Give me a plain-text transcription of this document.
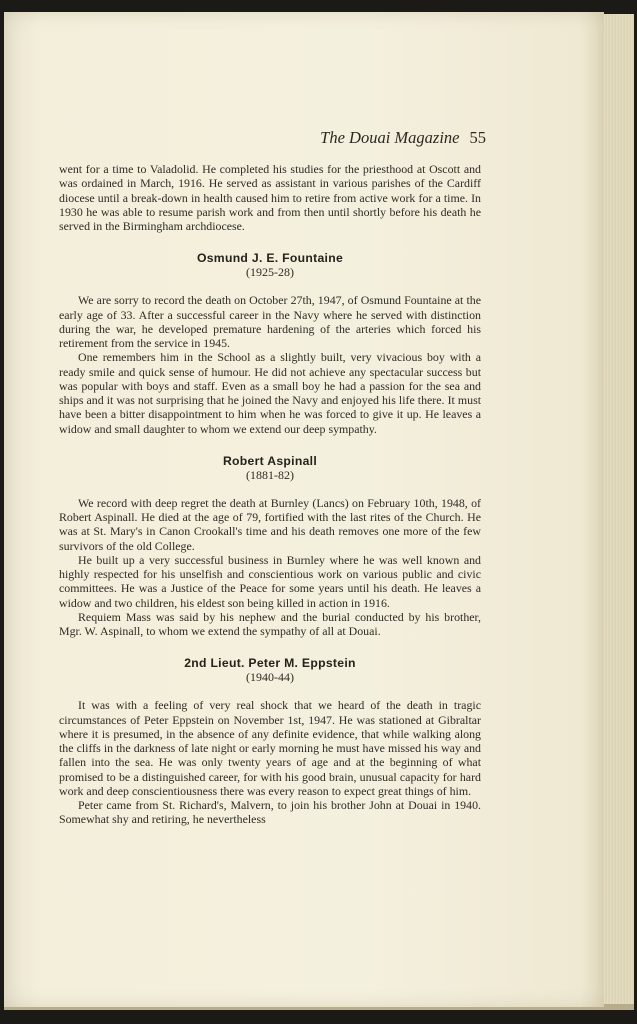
The Douai Magazine 55

went for a time to Valadolid. He completed his studies for the priesthood at Oscott and was ordained in March, 1916. He served as assistant in various parishes of the Cardiff diocese until a break-down in health caused him to retire from active work for a time. In 1930 he was able to resume parish work and from then until shortly before his death he served in the Birmingham archdiocese.

Osmund J. E. Fountaine
(1925-28)

We are sorry to record the death on October 27th, 1947, of Osmund Fountaine at the early age of 33. After a successful career in the Navy where he served with distinction during the war, he developed premature hardening of the arteries which forced his retirement from the service in 1945.

One remembers him in the School as a slightly built, very vivacious boy with a ready smile and quick sense of humour. He did not achieve any spectacular success but was popular with boys and staff. Even as a small boy he had a passion for the sea and ships and it was not surprising that he joined the Navy and enjoyed his life there. It must have been a bitter disappointment to him when he was forced to give it up. He leaves a widow and small daughter to whom we extend our deep sympathy.

Robert Aspinall
(1881-82)

We record with deep regret the death at Burnley (Lancs) on February 10th, 1948, of Robert Aspinall. He died at the age of 79, fortified with the last rites of the Church. He was at St. Mary's in Canon Crookall's time and his death removes one more of the few survivors of the old College.

He built up a very successful business in Burnley where he was well known and highly respected for his unselfish and conscientious work on various public and civic committees. He was a Justice of the Peace for some years until his death. He leaves a widow and two children, his eldest son being killed in action in 1916.

Requiem Mass was said by his nephew and the burial conducted by his brother, Mgr. W. Aspinall, to whom we extend the sympathy of all at Douai.

2nd Lieut. Peter M. Eppstein
(1940-44)

It was with a feeling of very real shock that we heard of the death in tragic circumstances of Peter Eppstein on November 1st, 1947. He was stationed at Gibraltar where it is presumed, in the absence of any definite evidence, that while walking along the cliffs in the darkness of late night or early morning he must have missed his way and fallen into the sea. He was only twenty years of age and at the beginning of what promised to be a distinguished career, for with his good brain, unusual capacity for hard work and deep conscientiousness there was every reason to expect great things of him.

Peter came from St. Richard's, Malvern, to join his brother John at Douai in 1940. Somewhat shy and retiring, he nevertheless
